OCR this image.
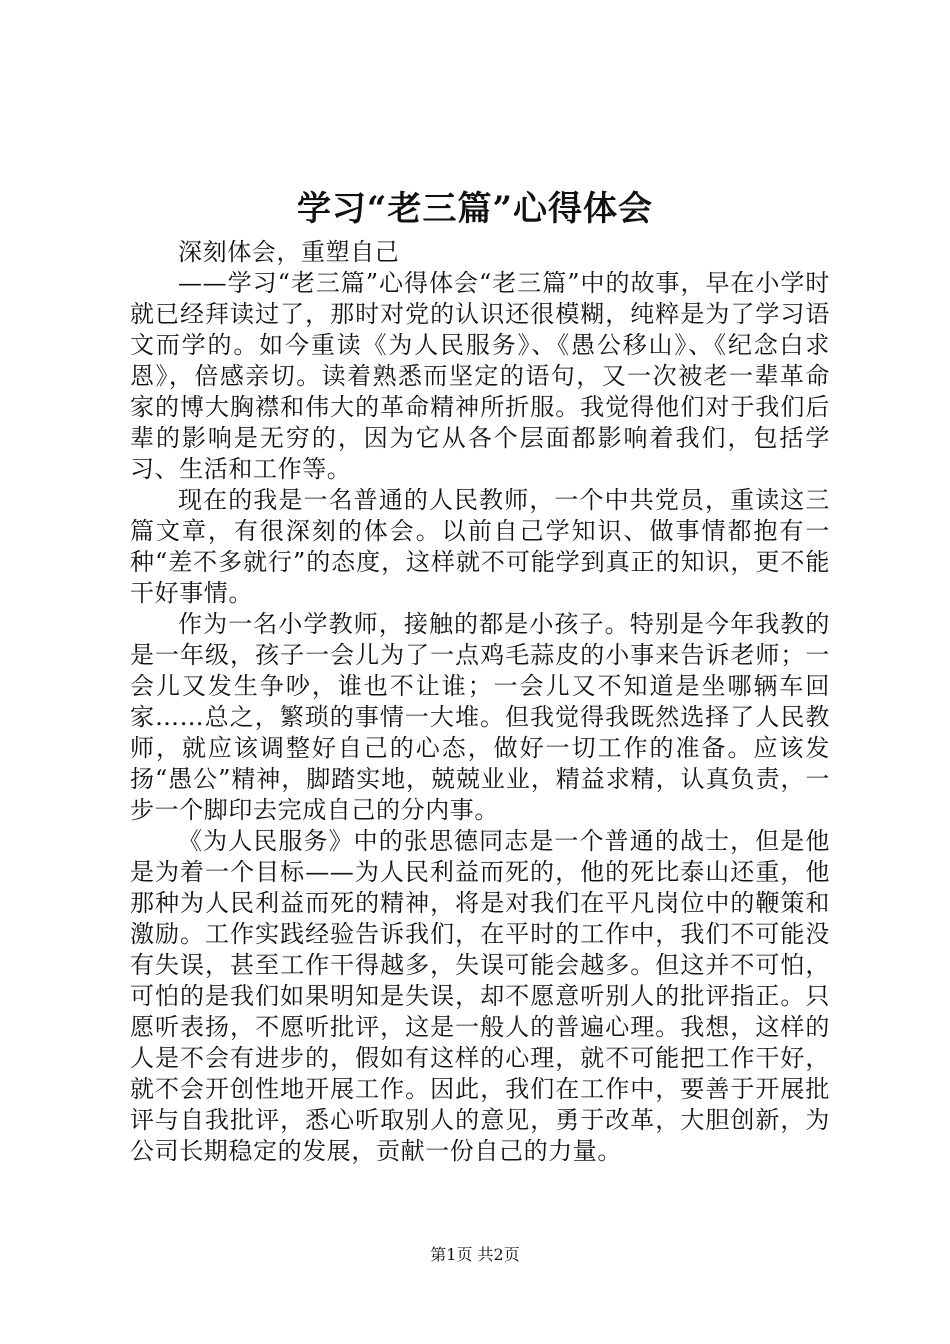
学习“老三篇”心得体会

深刻体会，重塑自己

——学习“老三篇”心得体会“老三篇”中的故事，早在小学时就已经拜读过了，那时对党的认识还很模糊，纯粹是为了学习语文而学的。如今重读《为人民服务》、《愚公移山》、《纪念白求恩》，倍感亲切。读着熟悉而坚定的语句，又一次被老一辈革命家的博大胸襟和伟大的革命精神所折服。我觉得他们对于我们后辈的影响是无穷的，因为它从各个层面都影响着我们，包括学习、生活和工作等。

现在的我是一名普通的人民教师，一个中共党员，重读这三篇文章，有很深刻的体会。以前自己学知识、做事情都抱有一种“差不多就行”的态度，这样就不可能学到真正的知识，更不能干好事情。

作为一名小学教师，接触的都是小孩子。特别是今年我教的是一年级，孩子一会儿为了一点鸡毛蒜皮的小事来告诉老师；一会儿又发生争吵，谁也不让谁；一会儿又不知道是坐哪辆车回家……总之，繁琐的事情一大堆。但我觉得我既然选择了人民教师，就应该调整好自己的心态，做好一切工作的准备。应该发扬“愚公”精神，脚踏实地，兢兢业业，精益求精，认真负责，一步一个脚印去完成自己的分内事。

《为人民服务》中的张思德同志是一个普通的战士，但是他是为着一个目标——为人民利益而死的，他的死比泰山还重，他那种为人民利益而死的精神，将是对我们在平凡岗位中的鞭策和激励。工作实践经验告诉我们，在平时的工作中，我们不可能没有失误，甚至工作干得越多，失误可能会越多。但这并不可怕，可怕的是我们如果明知是失误，却不愿意听别人的批评指正。只愿听表扬，不愿听批评，这是一般人的普遍心理。我想，这样的人是不会有进步的，假如有这样的心理，就不可能把工作干好，就不会开创性地开展工作。因此，我们在工作中，要善于开展批评与自我批评，悉心听取别人的意见，勇于改革，大胆创新，为公司长期稳定的发展，贡献一份自己的力量。

第1页 共2页
